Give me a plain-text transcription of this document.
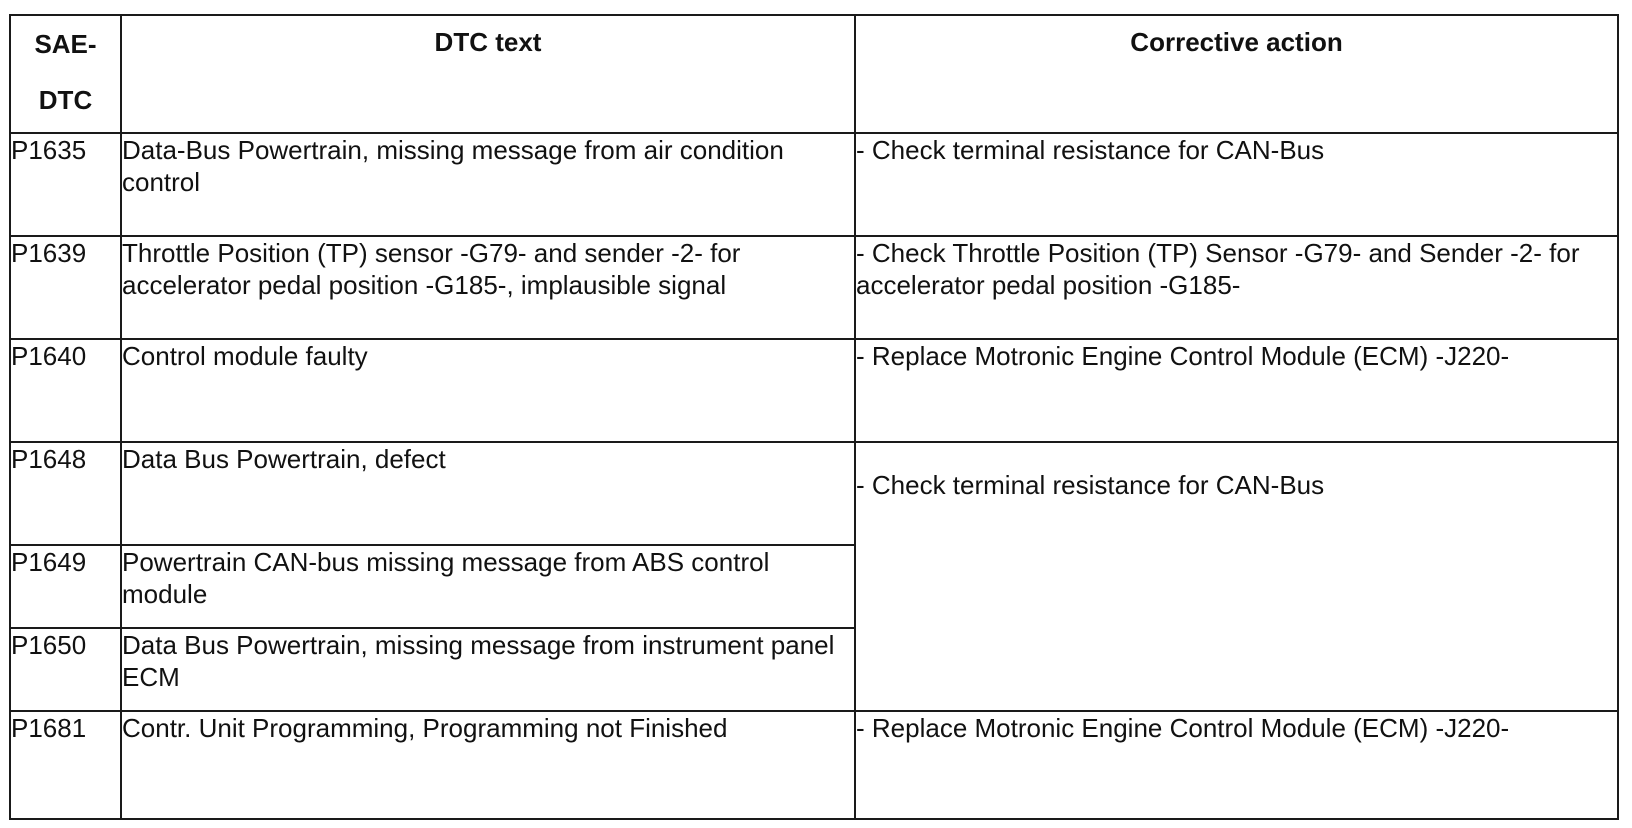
SAE-
DTC	DTC text	Corrective action

P1635	Data-Bus Powertrain, missing message from air condition control	- Check terminal resistance for CAN-Bus
P1639	Throttle Position (TP) sensor -G79- and sender -2- for accelerator pedal position -G185-, implausible signal	- Check Throttle Position (TP) Sensor -G79- and Sender -2- for accelerator pedal position -G185-
P1640	Control module faulty	- Replace Motronic Engine Control Module (ECM) -J220-
P1648	Data Bus Powertrain, defect	- Check terminal resistance for CAN-Bus
P1649	Powertrain CAN-bus missing message from ABS control module	
P1650	Data Bus Powertrain, missing message from instrument panel ECM	
P1681	Contr. Unit Programming, Programming not Finished	- Replace Motronic Engine Control Module (ECM) -J220-
